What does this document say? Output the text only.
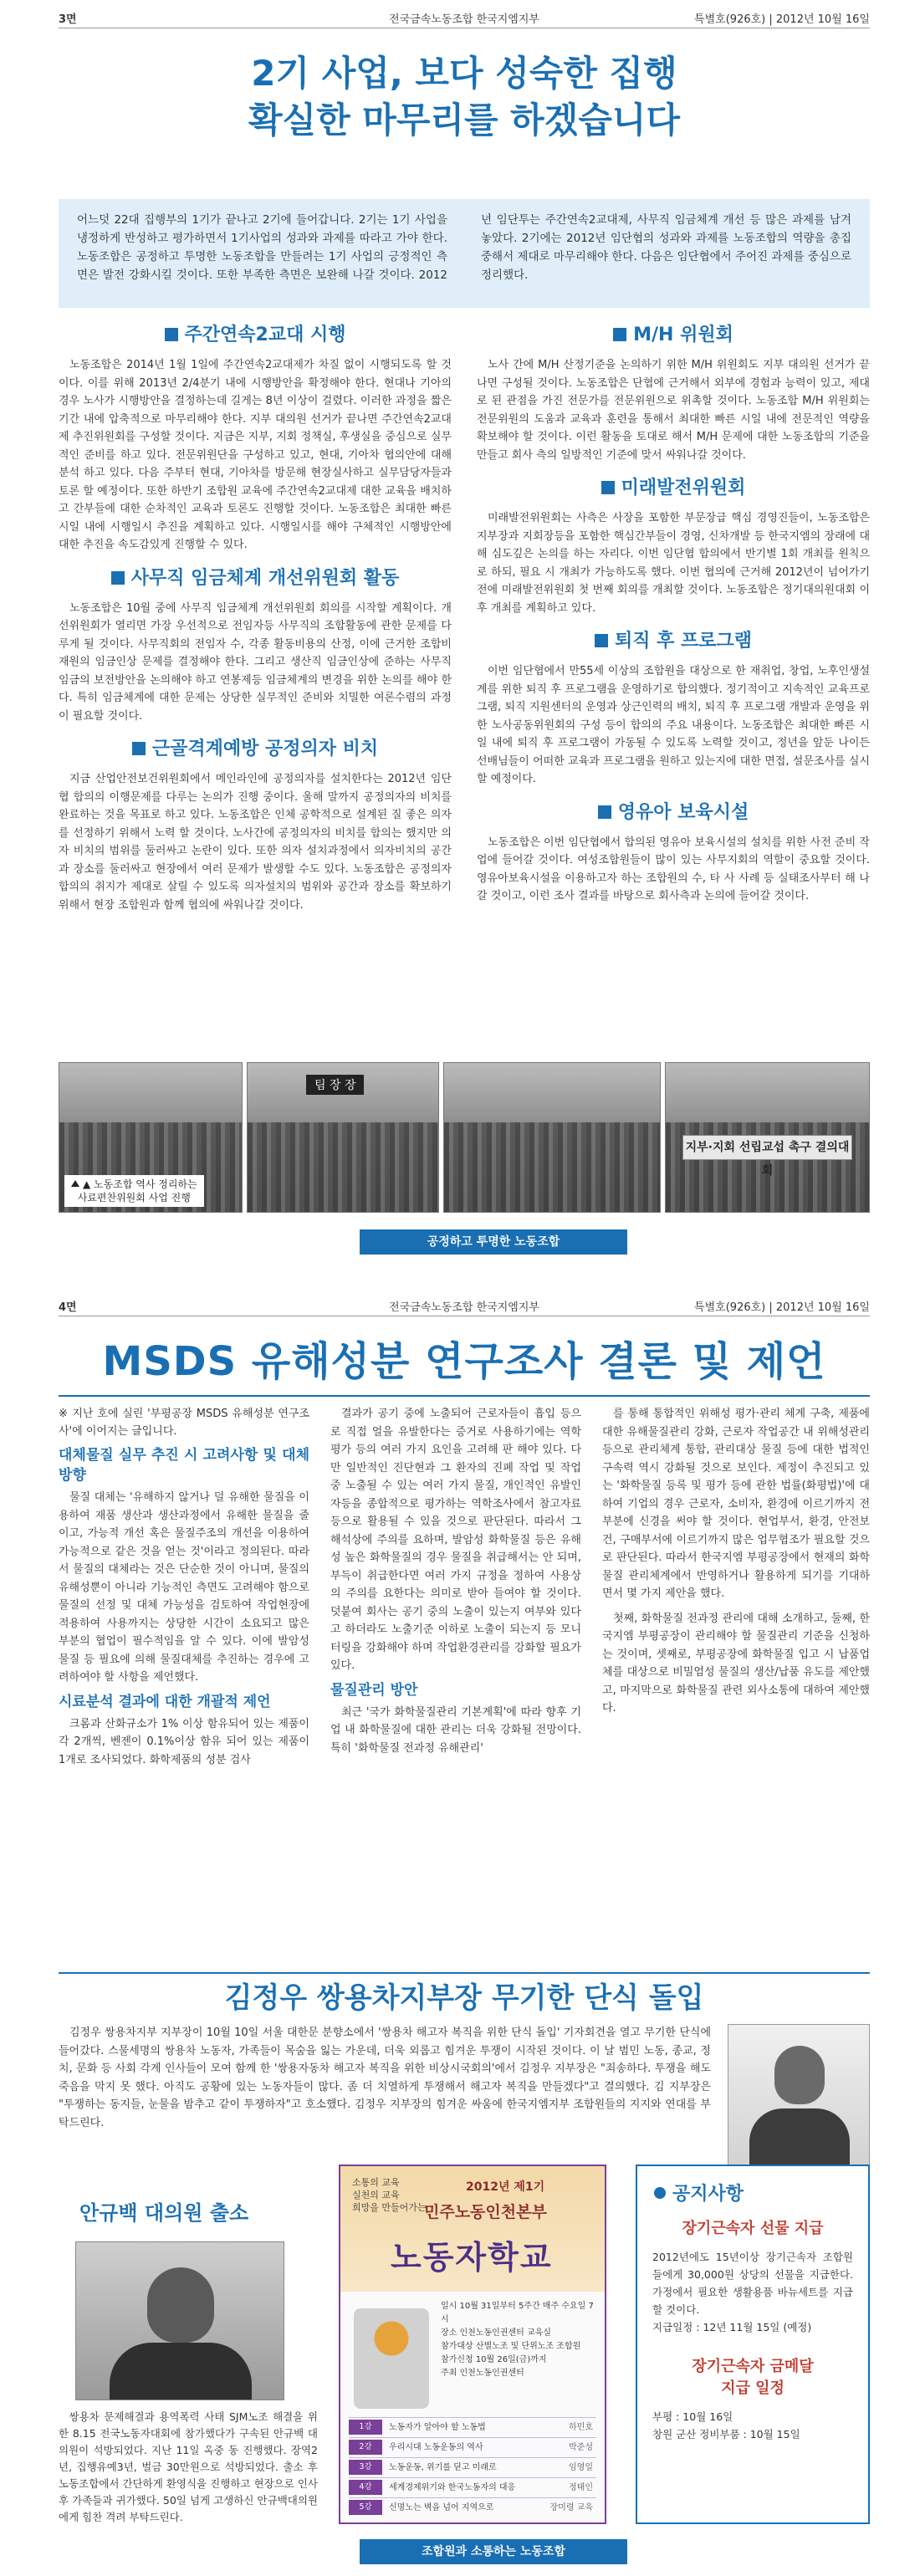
3면	전국금속노동조합 한국지엠지부	특별호(926호) | 2012년 10월 16일
2기 사업, 보다 성숙한 집행
확실한 마무리를 하겠습니다
어느덧 22대 집행부의 1기가 끝나고 2기에 들어갑니다. 2기는 1기 사업을 냉정하게 반성하고 평가하면서 1기사업의 성과와 과제를 따라고 가야 한다. 노동조합은 공정하고 투명한 노동조합을 만들려는 1기 사업의 긍정적인 측면은 발전 강화시킬 것이다. 또한 부족한 측면은 보완해 나갈 것이다. 2012년 임단투는 주간연속2교대제, 사무직 임금체계 개선 등 많은 과제를 남겨 놓았다. 2기에는 2012년 임단협의 성과와 과제를 노동조합의 역량을 총집중해서 제대로 마무리해야 한다. 다음은 임단협에서 주어진 과제를 중심으로 정리했다.
주간연속2교대 시행

노동조합은 2014년 1월 1일에 주간연속2교대제가 차질 없이 시행되도록 할 것이다. 이를 위해 2013년 2/4분기 내에 시행방안을 확정해야 한다. 현대나 기아의 경우 노사가 시행방안을 결정하는데 길게는 8년 이상이 걸렸다. 이러한 과정을 짧은 기간 내에 압축적으로 마무리해야 한다. 지부 대의원 선거가 끝나면 주간연속2교대제 추진위원회를 구성할 것이다. 지금은 지부, 지회 정책실, 후생실을 중심으로 실무적인 준비를 하고 있다. 전문위원단을 구성하고 있고, 현대, 기아차 협의안에 대해 분석 하고 있다. 다음 주부터 현대, 기아차를 방문해 현장실사하고 실무담당자들과 토론 할 예정이다. 또한 하반기 조합원 교육에 주간연속2교대제 대한 교육을 배치하고 간부들에 대한 순차적인 교육과 토론도 진행할 것이다. 노동조합은 최대한 빠른 시일 내에 시행일시 추진을 계획하고 있다. 시행일시를 해야 구체적인 시행방안에 대한 추진을 속도감있게 진행할 수 있다.

사무직 임금체계 개선위원회 활동

노동조합은 10월 중에 사무직 임금체계 개선위원회 회의를 시작할 계획이다. 개선위원회가 열리면 가장 우선적으로 전임자등 사무직의 조합활동에 관한 문제를 다루게 될 것이다. 사무직회의 전임자 수, 각종 활동비용의 산정, 이에 근거한 조합비 재원의 임금인상 문제를 결정해야 한다. 그리고 생산직 임금인상에 준하는 사무직 임금의 보전방안을 논의해야 하고 연봉제등 임금체계의 변경을 위한 논의를 해야 한다. 특히 임금체계에 대한 문제는 상당한 실무적인 준비와 치밀한 여론수렴의 과정이 필요할 것이다.

근골격계예방 공정의자 비치

지금 산업안전보건위원회에서 메인라인에 공정의자를 설치한다는 2012년 임단협 합의의 이행문제를 다루는 논의가 진행 중이다. 울해 말까지 공정의자의 비치를 완료하는 것을 목표로 하고 있다. 노동조합은 인체 공학적으로 설계된 질 좋은 의자를 선정하기 위해서 노력 할 것이다. 노사간에 공정의자의 비치를 합의는 했지만 의자 비치의 범위를 둘러싸고 논란이 있다. 또한 의자 설치과정에서 의자비치의 공간과 장소를 둘러싸고 현장에서 여러 문제가 발생할 수도 있다. 노동조합은 공정의자 합의의 취지가 제대로 살릴 수 있도록 의자설치의 범위와 공간과 장소를 확보하기 위해서 현장 조합원과 함께 협의에 싸워나갈 것이다.

M/H 위원회

노사 간에 M/H 산정기준을 논의하기 위한 M/H 위원회도 지부 대의원 선거가 끝나면 구성될 것이다. 노동조합은 단협에 근거해서 외부에 경험과 능력이 있고, 제대로 된 관점을 가진 전문가를 전문위원으로 위촉할 것이다. 노동조합 M/H 위원회는 전문위원의 도움과 교육과 훈련을 통해서 최대한 빠른 시일 내에 전문적인 역량을 확보해야 할 것이다. 이런 활동을 토대로 해서 M/H 문제에 대한 노동조합의 기준을 만들고 회사 측의 일방적인 기준에 맞서 싸워나갈 것이다.

미래발전위원회

미래발전위원회는 사측은 사장을 포함한 부문장급 핵심 경영진들이, 노동조합은 지부장과 지회장등을 포함한 핵심간부들이 경영, 신차개발 등 한국지엠의 장래에 대해 심도깊은 논의를 하는 자리다. 이번 임단협 합의에서 반기별 1회 개최를 원칙으로 하되, 필요 시 개최가 가능하도록 했다. 이번 협의에 근거해 2012년이 넘어가기 전에 미래발전위원회 첫 번째 회의를 개최할 것이다. 노동조합은 정기대의원대회 이후 개최를 계획하고 있다.

퇴직 후 프로그램

이번 임단협에서 만55세 이상의 조합원을 대상으로 한 재취업, 창업, 노후인생설계를 위한 퇴직 후 프로그램을 운영하기로 합의했다. 정기적이고 지속적인 교육프로그램, 퇴직 지원센터의 운영과 상근인력의 배치, 퇴직 후 프로그램 개발과 운영을 위한 노사공동위원회의 구성 등이 합의의 주요 내용이다. 노동조합은 최대한 빠른 시일 내에 퇴직 후 프로그램이 가동될 수 있도록 노력할 것이고, 정년을 앞둔 나이든 선배님들이 어떠한 교육과 프로그램을 원하고 있는지에 대한 면접, 설문조사를 실시할 예정이다.

영유아 보육시설

노동조합은 이번 임단협에서 합의된 영유아 보육시설의 설치를 위한 사전 준비 작업에 들어갈 것이다. 여성조합원들이 많이 있는 사무지회의 역할이 중요할 것이다. 영유아보육시설을 이용하고자 하는 조합원의 수, 타 사 사례 등 실태조사부터 해 나갈 것이고, 이런 조사 결과를 바탕으로 회사측과 논의에 들어갈 것이다.

▲ 노동조합 역사 정리하는
사료편찬위원회 사업 진행
팀 장 장
지부·지회 선립교섭 촉구 결의대회
공정하고 투명한 노동조합
4면	전국금속노동조합 한국지엠지부	특별호(926호) | 2012년 10월 16일
MSDS 유해성분 연구조사 결론 및 제언
※ 지난 호에 실린 '부평공장 MSDS 유해성분 연구조사'에 이어지는 글입니다.
대체물질 실무 추진 시 고려사항 및 대체방향

물질 대체는 '유해하지 않거나 덜 유해한 물질을 이용하여 재품 생산과 생산과정에서 유해한 물질을 줄이고, 가능적 개선 혹은 물질주조의 개선을 이용하여 가능적으로 같은 것을 얻는 것'이라고 정의된다. 따라서 물질의 대체라는 것은 단순한 것이 아니며, 물질의 유해성뿐이 아니라 기능적인 측면도 고려해야 함으로 물질의 선정 및 대체 가능성을 검토하여 작업현장에 적용하여 사용까지는 상당한 시간이 소요되고 많은 부분의 협업이 필수적임을 알 수 있다. 이에 발암성 물질 등 필요에 의해 물질대체를 추진하는 경우에 고려하여야 할 사항을 제언했다.

시료분석 결과에 대한 개괄적 제언

크롬과 산화규소가 1% 이상 함유되어 있는 제품이 각 2개씩, 벤젠이 0.1%이상 함유 되어 있는 제품이 1개로 조사되었다. 화학제품의 성분 검사

결과가 공기 중에 노출되어 근로자들이 흡입 등으로 직접 얼을 유발한다는 증거로 사용하기에는 역학평가 등의 여러 가지 요인을 고려해 판 해야 있다. 다만 일반적인 진단현과 그 환자의 진폐 작업 및 작업 중 노출될 수 있는 여러 가지 물질, 개인적인 유발인자등을 종합적으로 평가하는 역학조사에서 참고자료 등으로 활용될 수 있을 것으로 판단된다. 따라서 그 해석상에 주의를 요하며, 발암성 화학물질 등은 유해성 높은 화학물질의 경우 물질을 취급해서는 안 되며, 부득이 취급한다면 여러 가지 규정을 정하여 사용상의 주의를 요한다는 의미로 받아 들여야 할 것이다. 덧붙여 회사는 공기 중의 노출이 있는지 여부와 있다고 하더라도 노출기준 이하로 노출이 되는지 등 모니터링을 강화해야 하며 작업환경관리를 강화할 필요가 있다.

물질관리 방안

최근 '국가 화학물질관리 기본계획'에 따라 향후 기업 내 화학물질에 대한 관리는 더욱 강화될 전망이다. 특히 '화학물질 전과정 유해관리'

를 통해 통합적인 위해성 평가·관리 체계 구축, 제품에 대한 유해물질관리 강화, 근로자 작업공간 내 위해성관리 등으로 관리체계 통합, 관리대상 물질 등에 대한 법적인 구속력 역시 강화될 것으로 보인다. 제정이 추진되고 있는 '화학물질 등록 및 평가 등에 관한 법률(화평법)'에 대하여 기업의 경우 근로자, 소비자, 환경에 이르기까지 전 부분에 신경을 써야 할 것이다. 현업부서, 환경, 안전보건, 구매부서에 이르기까지 많은 업무협조가 필요할 것으로 판단된다. 따라서 한국지엠 부평공장에서 현재의 화학물질 관리체계에서 반영하거나 활용하게 되기를 기대하면서 몇 가지 제안을 했다.

첫째, 화학물질 전과정 관리에 대해 소개하고, 둘째, 한국지엠 부평공장이 관리해야 할 물질관리 기준을 신청하는 것이며, 셋째로, 부평공장에 화학물질 입고 시 납품업체를 대상으로 비밀엄성 물질의 생산/납품 유도를 제안했고, 마지막으로 화학물질 관련 외사소통에 대하여 제안했다.

김정우 쌍용차지부장 무기한 단식 돌입

김정우 쌍용차지부 지부장이 10월 10일 서울 대한문 분향소에서 '쌍용차 해고자 복직을 위한 단식 돌입' 기자회견을 열고 무기한 단식에 들어갔다. 스물세명의 쌍용차 노동자, 가족들이 목숨을 잃는 가운데, 더욱 외롭고 힘겨운 투쟁이 시작된 것이다. 이 날 범민 노동, 종교, 정치, 문화 등 사회 각계 인사들이 모여 함께 한 '쌍용자동차 해고자 복직을 위한 비상시국회의'에서 김정우 지부장은 "죄송하다. 투쟁을 해도 죽음을 막지 못 했다. 아직도 공황에 있는 노동자들이 많다. 좀 더 치열하게 투쟁해서 해고자 복직을 만들겠다"고 결의했다. 김 지부장은 "투쟁하는 동지들, 눈물을 밤추고 같이 투쟁하자"고 호소했다. 김정우 지부장의 힘겨운 싸움에 한국지엠지부 조합원들의 지지와 연대를 부탁드린다.

안규백 대의원 출소

쌍용차 문제해결과 용역폭력 사태 SJM노조 해결을 위한 8.15 전국노동자대회에 참가했다가 구속된 안규백 대의원이 석방되었다. 지난 11일 옥중 동 진행했다. 장역2년, 집행유예3년, 벌금 30만원으로 석방되었다. 출소 후 노동조합에서 간단하게 환영식을 진행하고 현장으로 인사 후 가족들과 귀가했다. 50일 넘게 고생하신 안규백대의원에게 힘찬 격려 부탁드린다.

소통의 교육
실천의 교육
희망을 만들어가는
2012년 제1기
민주노동인천본부
노동자학교
일시 10월 31일부터 5주간 매주 수요일 7시
장소 인천노동인권센터 교육실
참가대상 산별노조 및 단위노조 조합원
참가신청 10월 26일(금)까지
주최 인천노동인권센터
1강 노동자가 알아야 할 노동법	하민호
2강 우리시대 노동운동의 역사	박준성
3강 노동운동, 위기를 딛고 미래로	임영일
4강 세계경제위기와 한국노동자의 대응	정태인
5강 신명노는 벽을 넘어 지역으로	장미령 교육
공지사항
장기근속자 선물 지급

2012년에도 15년이상 장기근속자 조합원들에게 30,000원 상당의 선물을 지급한다. 가정에서 필요한 생활용품 바뉴세트를 지급할 것이다.

지급일정 : 12년 11월 15일 (예정)

장기근속자 금메달
지급 일정

부평 : 10월 16일

창원 군산 정비부품 : 10월 15일

조합원과 소통하는 노동조합
